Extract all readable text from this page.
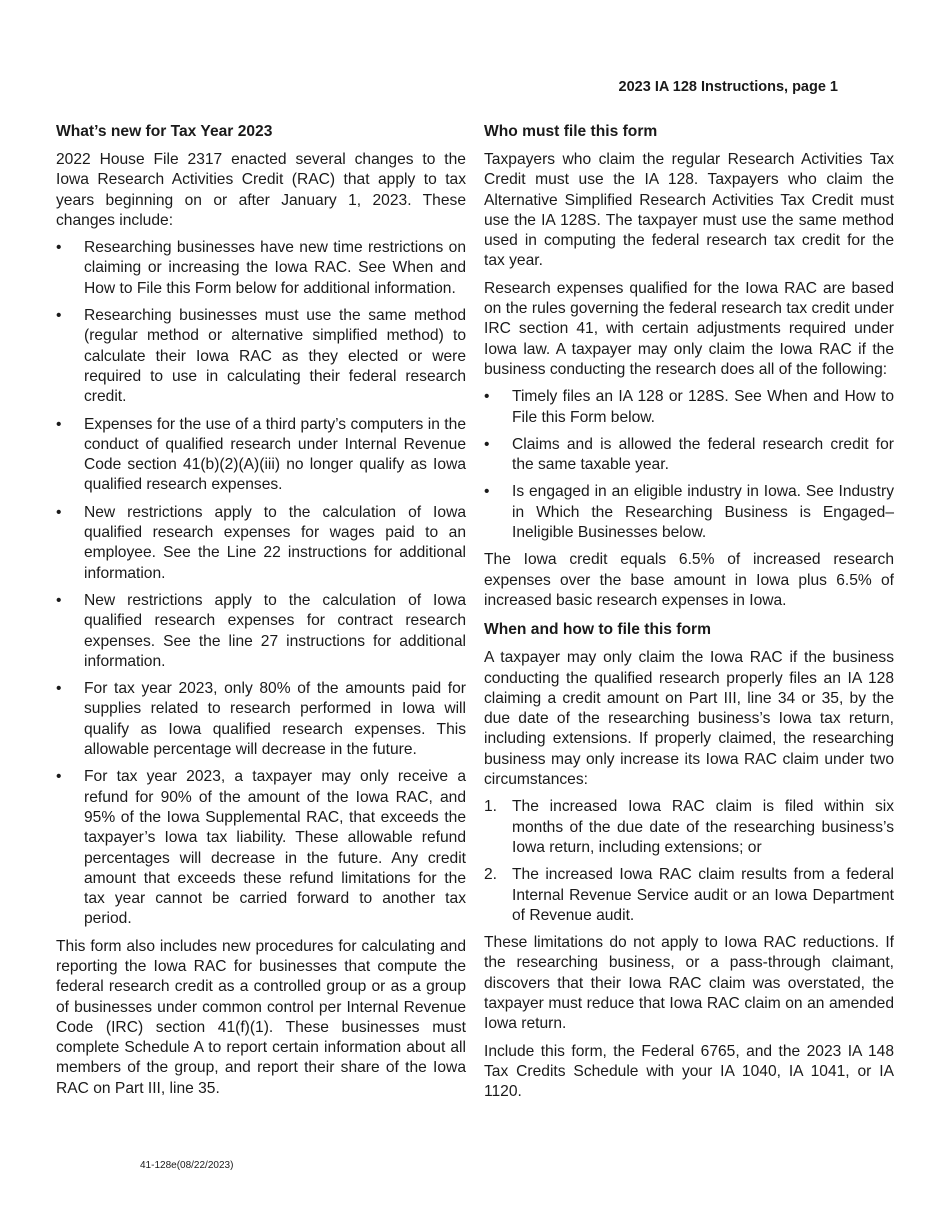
2023 IA 128 Instructions, page 1
What’s new for Tax Year 2023

2022 House File 2317 enacted several changes to the Iowa Research Activities Credit (RAC) that apply to tax years beginning on or after January 1, 2023. These changes include:

• Researching businesses have new time restrictions on claiming or increasing the Iowa RAC. See When and How to File this Form below for additional information.
• Researching businesses must use the same method (regular method or alternative simplified method) to calculate their Iowa RAC as they elected or were required to use in calculating their federal research credit.
• Expenses for the use of a third party’s computers in the conduct of qualified research under Internal Revenue Code section 41(b)(2)(A)(iii) no longer qualify as Iowa qualified research expenses.
• New restrictions apply to the calculation of Iowa qualified research expenses for wages paid to an employee. See the Line 22 instructions for additional information.
• New restrictions apply to the calculation of Iowa qualified research expenses for contract research expenses. See the line 27 instructions for additional information.
• For tax year 2023, only 80% of the amounts paid for supplies related to research performed in Iowa will qualify as Iowa qualified research expenses. This allowable percentage will decrease in the future.
• For tax year 2023, a taxpayer may only receive a refund for 90% of the amount of the Iowa RAC, and 95% of the Iowa Supplemental RAC, that exceeds the taxpayer’s Iowa tax liability. These allowable refund percentages will decrease in the future. Any credit amount that exceeds these refund limitations for the tax year cannot be carried forward to another tax period.

This form also includes new procedures for calculating and reporting the Iowa RAC for businesses that compute the federal research credit as a controlled group or as a group of businesses under common control per Internal Revenue Code (IRC) section 41(f)(1). These businesses must complete Schedule A to report certain information about all members of the group, and report their share of the Iowa RAC on Part III, line 35.

Who must file this form

Taxpayers who claim the regular Research Activities Tax Credit must use the IA 128. Taxpayers who claim the Alternative Simplified Research Activities Tax Credit must use the IA 128S. The taxpayer must use the same method used in computing the federal research tax credit for the tax year.

Research expenses qualified for the Iowa RAC are based on the rules governing the federal research tax credit under IRC section 41, with certain adjustments required under Iowa law. A taxpayer may only claim the Iowa RAC if the business conducting the research does all of the following:

• Timely files an IA 128 or 128S. See When and How to File this Form below.
• Claims and is allowed the federal research credit for the same taxable year.
• Is engaged in an eligible industry in Iowa. See Industry in Which the Researching Business is Engaged–Ineligible Businesses below.

The Iowa credit equals 6.5% of increased research expenses over the base amount in Iowa plus 6.5% of increased basic research expenses in Iowa.

When and how to file this form

A taxpayer may only claim the Iowa RAC if the business conducting the qualified research properly files an IA 128 claiming a credit amount on Part III, line 34 or 35, by the due date of the researching business’s Iowa tax return, including extensions. If properly claimed, the researching business may only increase its Iowa RAC claim under two circumstances:

1. The increased Iowa RAC claim is filed within six months of the due date of the researching business’s Iowa return, including extensions; or
2. The increased Iowa RAC claim results from a federal Internal Revenue Service audit or an Iowa Department of Revenue audit.

These limitations do not apply to Iowa RAC reductions. If the researching business, or a pass-through claimant, discovers that their Iowa RAC claim was overstated, the taxpayer must reduce that Iowa RAC claim on an amended Iowa return.

Include this form, the Federal 6765, and the 2023 IA 148 Tax Credits Schedule with your IA 1040, IA 1041, or IA 1120.

41-128e(08/22/2023)
